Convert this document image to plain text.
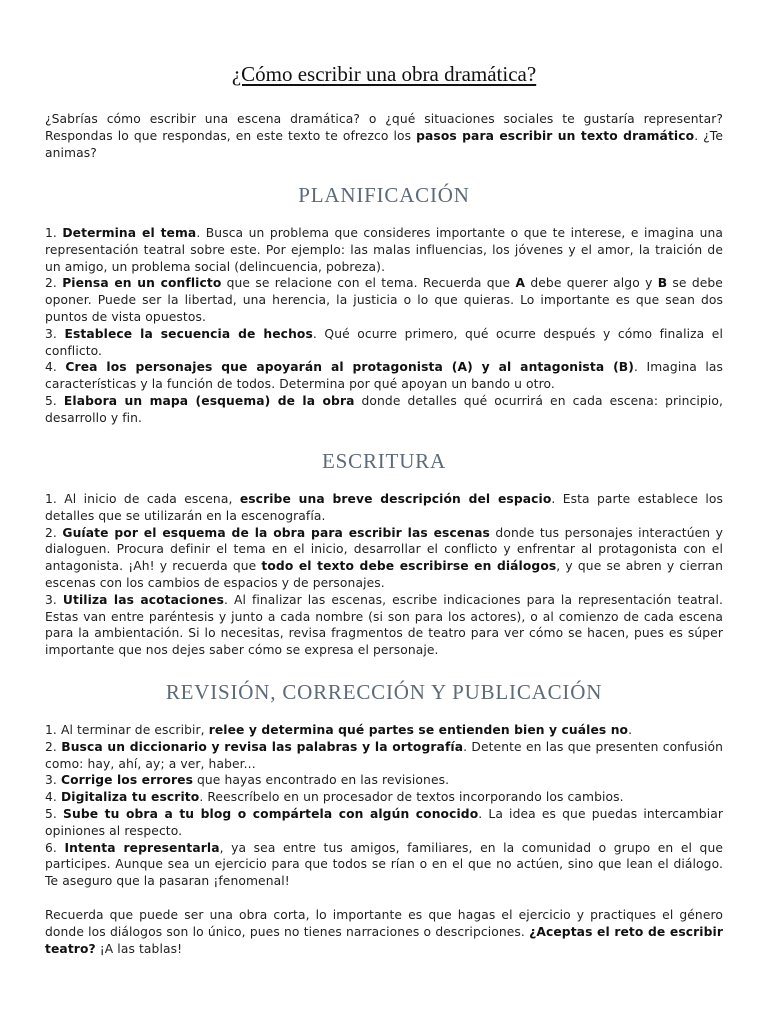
¿Cómo escribir una obra dramática?

¿Sabrías cómo escribir una escena dramática? o ¿qué situaciones sociales te gustaría representar? Respondas lo que respondas, en este texto te ofrezco los pasos para escribir un texto dramático. ¿Te animas?

PLANIFICACIÓN

1. Determina el tema. Busca un problema que consideres importante o que te interese, e imagina una representación teatral sobre este. Por ejemplo: las malas influencias, los jóvenes y el amor, la traición de un amigo, un problema social (delincuencia, pobreza).

2. Piensa en un conflicto que se relacione con el tema. Recuerda que A debe querer algo y B se debe oponer. Puede ser la libertad, una herencia, la justicia o lo que quieras. Lo importante es que sean dos puntos de vista opuestos.

3. Establece la secuencia de hechos. Qué ocurre primero, qué ocurre después y cómo finaliza el conflicto.

4. Crea los personajes que apoyarán al protagonista (A) y al antagonista (B). Imagina las características y la función de todos. Determina por qué apoyan un bando u otro.

5. Elabora un mapa (esquema) de la obra donde detalles qué ocurrirá en cada escena: principio, desarrollo y fin.

ESCRITURA

1. Al inicio de cada escena, escribe una breve descripción del espacio. Esta parte establece los detalles que se utilizarán en la escenografía.

2. Guíate por el esquema de la obra para escribir las escenas donde tus personajes interactúen y dialoguen. Procura definir el tema en el inicio, desarrollar el conflicto y enfrentar al protagonista con el antagonista. ¡Ah! y recuerda que todo el texto debe escribirse en diálogos, y que se abren y cierran escenas con los cambios de espacios y de personajes.

3. Utiliza las acotaciones. Al finalizar las escenas, escribe indicaciones para la representación teatral. Estas van entre paréntesis y junto a cada nombre (si son para los actores), o al comienzo de cada escena para la ambientación. Si lo necesitas, revisa fragmentos de teatro para ver cómo se hacen, pues es súper importante que nos dejes saber cómo se expresa el personaje.

REVISIÓN, CORRECCIÓN Y PUBLICACIÓN

1. Al terminar de escribir, relee y determina qué partes se entienden bien y cuáles no.

2. Busca un diccionario y revisa las palabras y la ortografía. Detente en las que presenten confusión como: hay, ahí, ay; a ver, haber...

3. Corrige los errores que hayas encontrado en las revisiones.

4. Digitaliza tu escrito. Reescríbelo en un procesador de textos incorporando los cambios.

5. Sube tu obra a tu blog o compártela con algún conocido. La idea es que puedas intercambiar opiniones al respecto.

6. Intenta representarla, ya sea entre tus amigos, familiares, en la comunidad o grupo en el que participes. Aunque sea un ejercicio para que todos se rían o en el que no actúen, sino que lean el diálogo. Te aseguro que la pasaran ¡fenomenal!

Recuerda que puede ser una obra corta, lo importante es que hagas el ejercicio y practiques el género donde los diálogos son lo único, pues no tienes narraciones o descripciones. ¿Aceptas el reto de escribir teatro? ¡A las tablas!
